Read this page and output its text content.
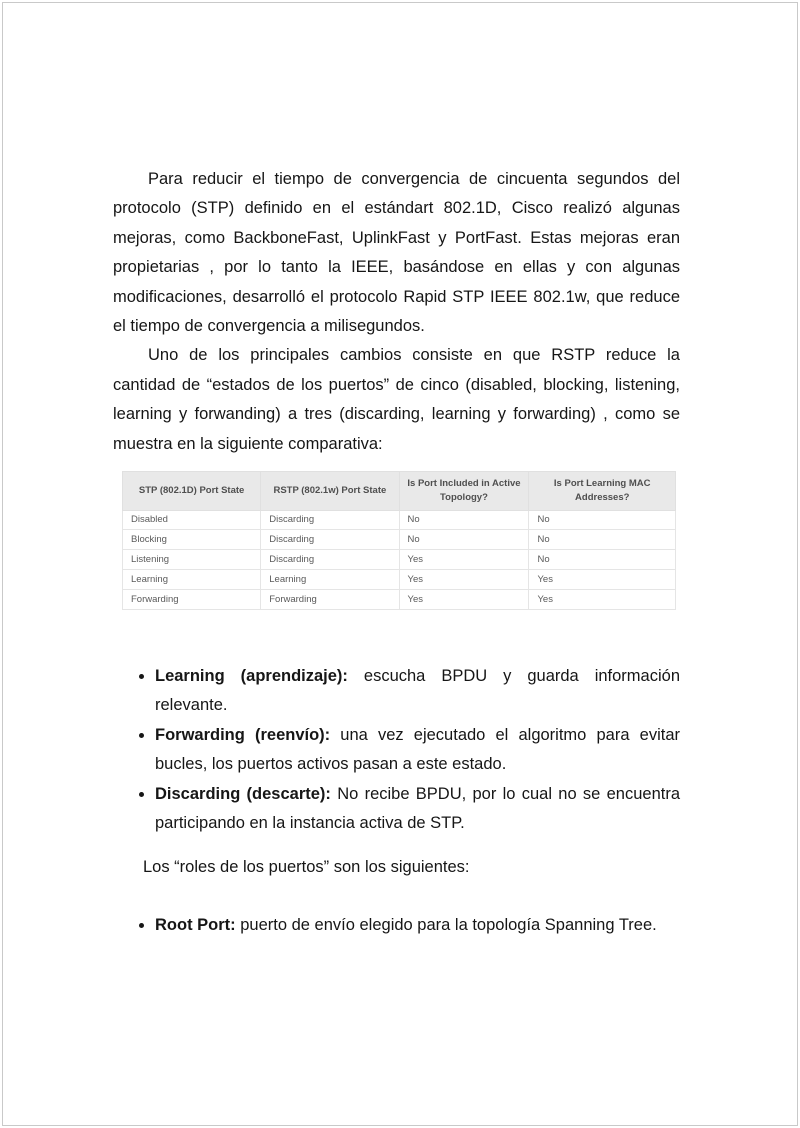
Para reducir el tiempo de convergencia de cincuenta segundos del protocolo (STP) definido en el estándart 802.1D, Cisco realizó algunas mejoras, como BackboneFast, UplinkFast y PortFast. Estas mejoras eran propietarias , por lo tanto la IEEE, basándose en ellas y con algunas modificaciones, desarrolló el protocolo Rapid STP IEEE 802.1w, que reduce el tiempo de convergencia a milisegundos.

Uno de los principales cambios consiste en que RSTP reduce la cantidad de “estados de los puertos” de cinco (disabled, blocking, listening, learning y forwanding) a tres (discarding, learning y forwarding) , como se muestra en la siguiente comparativa:

STP (802.1D) Port State	RSTP (802.1w) Port State	Is Port Included in Active Topology?	Is Port Learning MAC Addresses?
Disabled	Discarding	No	No
Blocking	Discarding	No	No
Listening	Discarding	Yes	No
Learning	Learning	Yes	Yes
Forwarding	Forwarding	Yes	Yes
• Learning (aprendizaje): escucha BPDU y guarda información relevante.
• Forwarding (reenvío): una vez ejecutado el algoritmo para evitar bucles, los puertos activos pasan a este estado.
• Discarding (descarte): No recibe BPDU, por lo cual no se encuentra participando en la instancia activa de STP.

Los “roles de los puertos” son los siguientes:

• Root Port: puerto de envío elegido para la topología Spanning Tree.
